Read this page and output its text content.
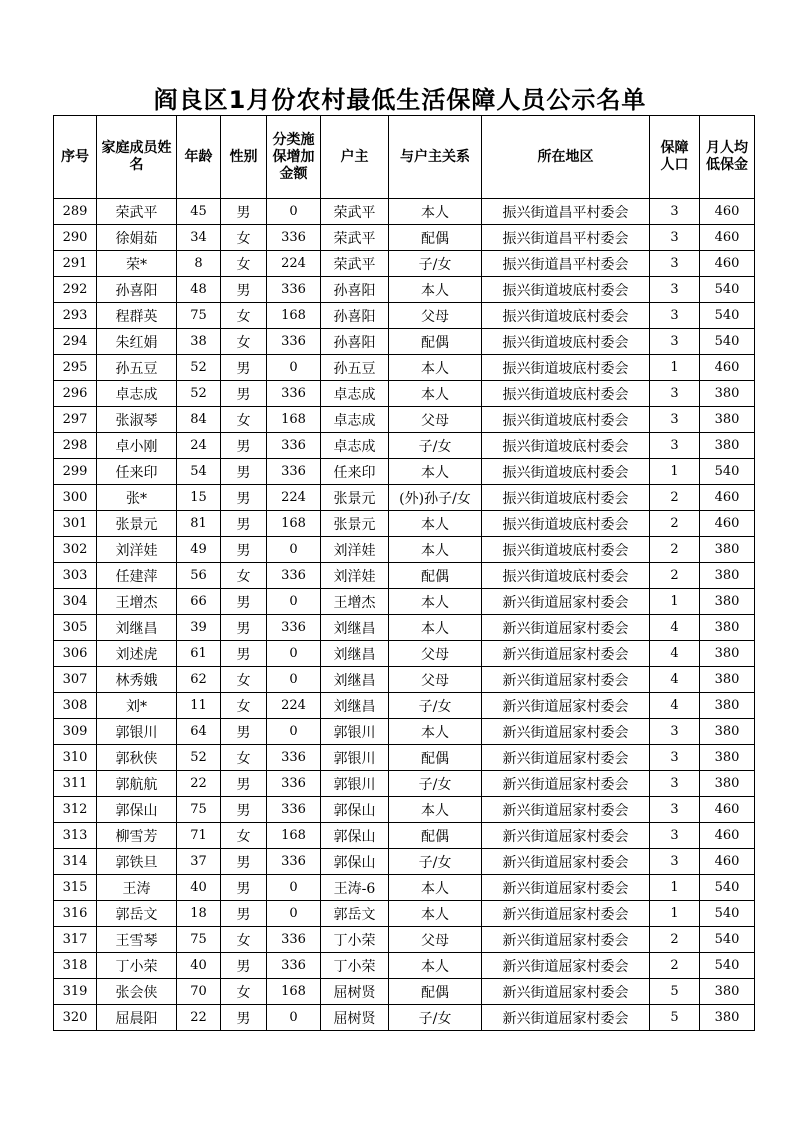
阎良区1月份农村最低生活保障人员公示名单
序号	家庭成员姓名	年龄	性别	分类施保增加金额	户主	与户主关系	所在地区	保障人口	月人均低保金
289	荣武平	45	男	0	荣武平	本人	振兴街道昌平村委会	3	460
290	徐娟茹	34	女	336	荣武平	配偶	振兴街道昌平村委会	3	460
291	荣*	8	女	224	荣武平	子/女	振兴街道昌平村委会	3	460
292	孙喜阳	48	男	336	孙喜阳	本人	振兴街道坡底村委会	3	540
293	程群英	75	女	168	孙喜阳	父母	振兴街道坡底村委会	3	540
294	朱红娟	38	女	336	孙喜阳	配偶	振兴街道坡底村委会	3	540
295	孙五豆	52	男	0	孙五豆	本人	振兴街道坡底村委会	1	460
296	卓志成	52	男	336	卓志成	本人	振兴街道坡底村委会	3	380
297	张淑琴	84	女	168	卓志成	父母	振兴街道坡底村委会	3	380
298	卓小刚	24	男	336	卓志成	子/女	振兴街道坡底村委会	3	380
299	任来印	54	男	336	任来印	本人	振兴街道坡底村委会	1	540
300	张*	15	男	224	张景元	(外)孙子/女	振兴街道坡底村委会	2	460
301	张景元	81	男	168	张景元	本人	振兴街道坡底村委会	2	460
302	刘洋娃	49	男	0	刘洋娃	本人	振兴街道坡底村委会	2	380
303	任建萍	56	女	336	刘洋娃	配偶	振兴街道坡底村委会	2	380
304	王增杰	66	男	0	王增杰	本人	新兴街道屈家村委会	1	380
305	刘继昌	39	男	336	刘继昌	本人	新兴街道屈家村委会	4	380
306	刘述虎	61	男	0	刘继昌	父母	新兴街道屈家村委会	4	380
307	林秀娥	62	女	0	刘继昌	父母	新兴街道屈家村委会	4	380
308	刘*	11	女	224	刘继昌	子/女	新兴街道屈家村委会	4	380
309	郭银川	64	男	0	郭银川	本人	新兴街道屈家村委会	3	380
310	郭秋侠	52	女	336	郭银川	配偶	新兴街道屈家村委会	3	380
311	郭航航	22	男	336	郭银川	子/女	新兴街道屈家村委会	3	380
312	郭保山	75	男	336	郭保山	本人	新兴街道屈家村委会	3	460
313	柳雪芳	71	女	168	郭保山	配偶	新兴街道屈家村委会	3	460
314	郭铁旦	37	男	336	郭保山	子/女	新兴街道屈家村委会	3	460
315	王涛	40	男	0	王涛-6	本人	新兴街道屈家村委会	1	540
316	郭岳文	18	男	0	郭岳文	本人	新兴街道屈家村委会	1	540
317	王雪琴	75	女	336	丁小荣	父母	新兴街道屈家村委会	2	540
318	丁小荣	40	男	336	丁小荣	本人	新兴街道屈家村委会	2	540
319	张会侠	70	女	168	屈树贤	配偶	新兴街道屈家村委会	5	380
320	屈晨阳	22	男	0	屈树贤	子/女	新兴街道屈家村委会	5	380
